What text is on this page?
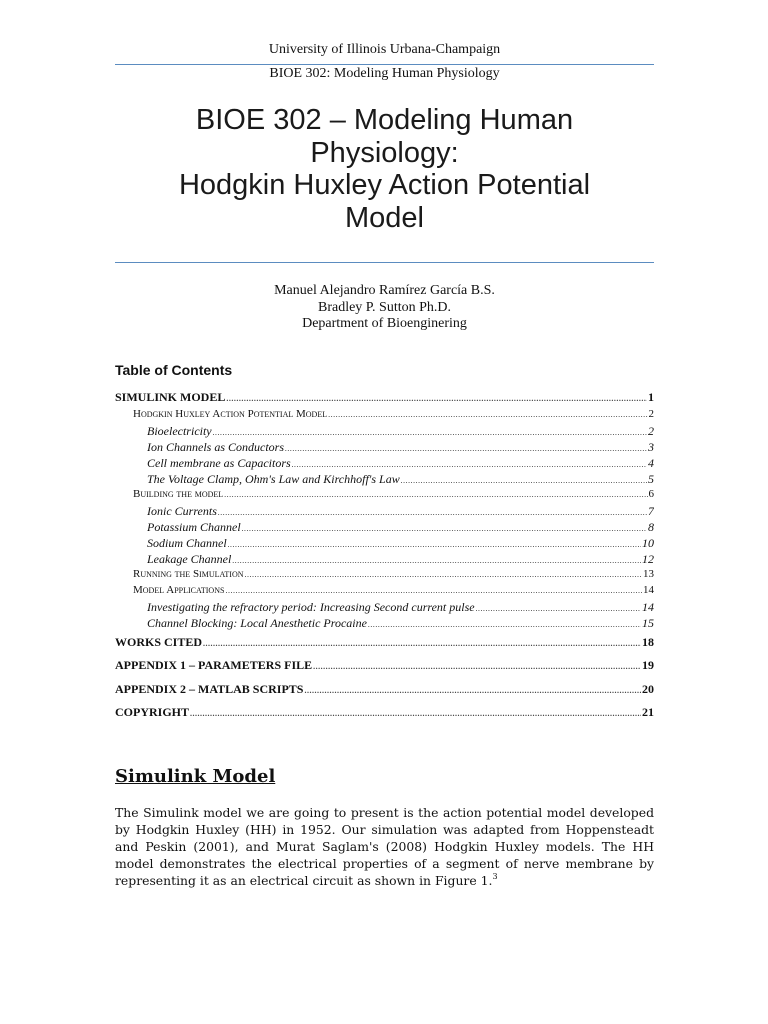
University of Illinois Urbana-Champaign
BIOE 302: Modeling Human Physiology
BIOE 302 – Modeling Human
Physiology:
Hodgkin Huxley Action Potential
Model
Manuel Alejandro Ramírez García B.S.
Bradley P. Sutton Ph.D.
Department of Bioenginering
Table of Contents
SIMULINK MODEL .....	1
Hodgkin Huxley Action Potential Model .....	2
Bioelectricity .....	2
Ion Channels as Conductors .....	3
Cell membrane as Capacitors .....	4
The Voltage Clamp, Ohm's Law and Kirchhoff's Law .....	5
Building the model .....	6
Ionic Currents .....	7
Potassium Channel .....	8
Sodium Channel .....	10
Leakage Channel .....	12
Running the Simulation .....	13
Model Applications .....	14
Investigating the refractory period: Increasing Second current pulse .....	14
Channel Blocking: Local Anesthetic Procaine .....	15
WORKS CITED .....	18
APPENDIX 1 – PARAMETERS FILE .....	19
APPENDIX 2 – MATLAB SCRIPTS .....	20
COPYRIGHT .....	21
Simulink Model
The Simulink model we are going to present is the action potential model developed by Hodgkin Huxley (HH) in 1952. Our simulation was adapted from Hoppensteadt and Peskin (2001), and Murat Saglam's (2008) Hodgkin Huxley models. The HH model demonstrates the electrical properties of a segment of nerve membrane by representing it as an electrical circuit as shown in Figure 1.$^3$
